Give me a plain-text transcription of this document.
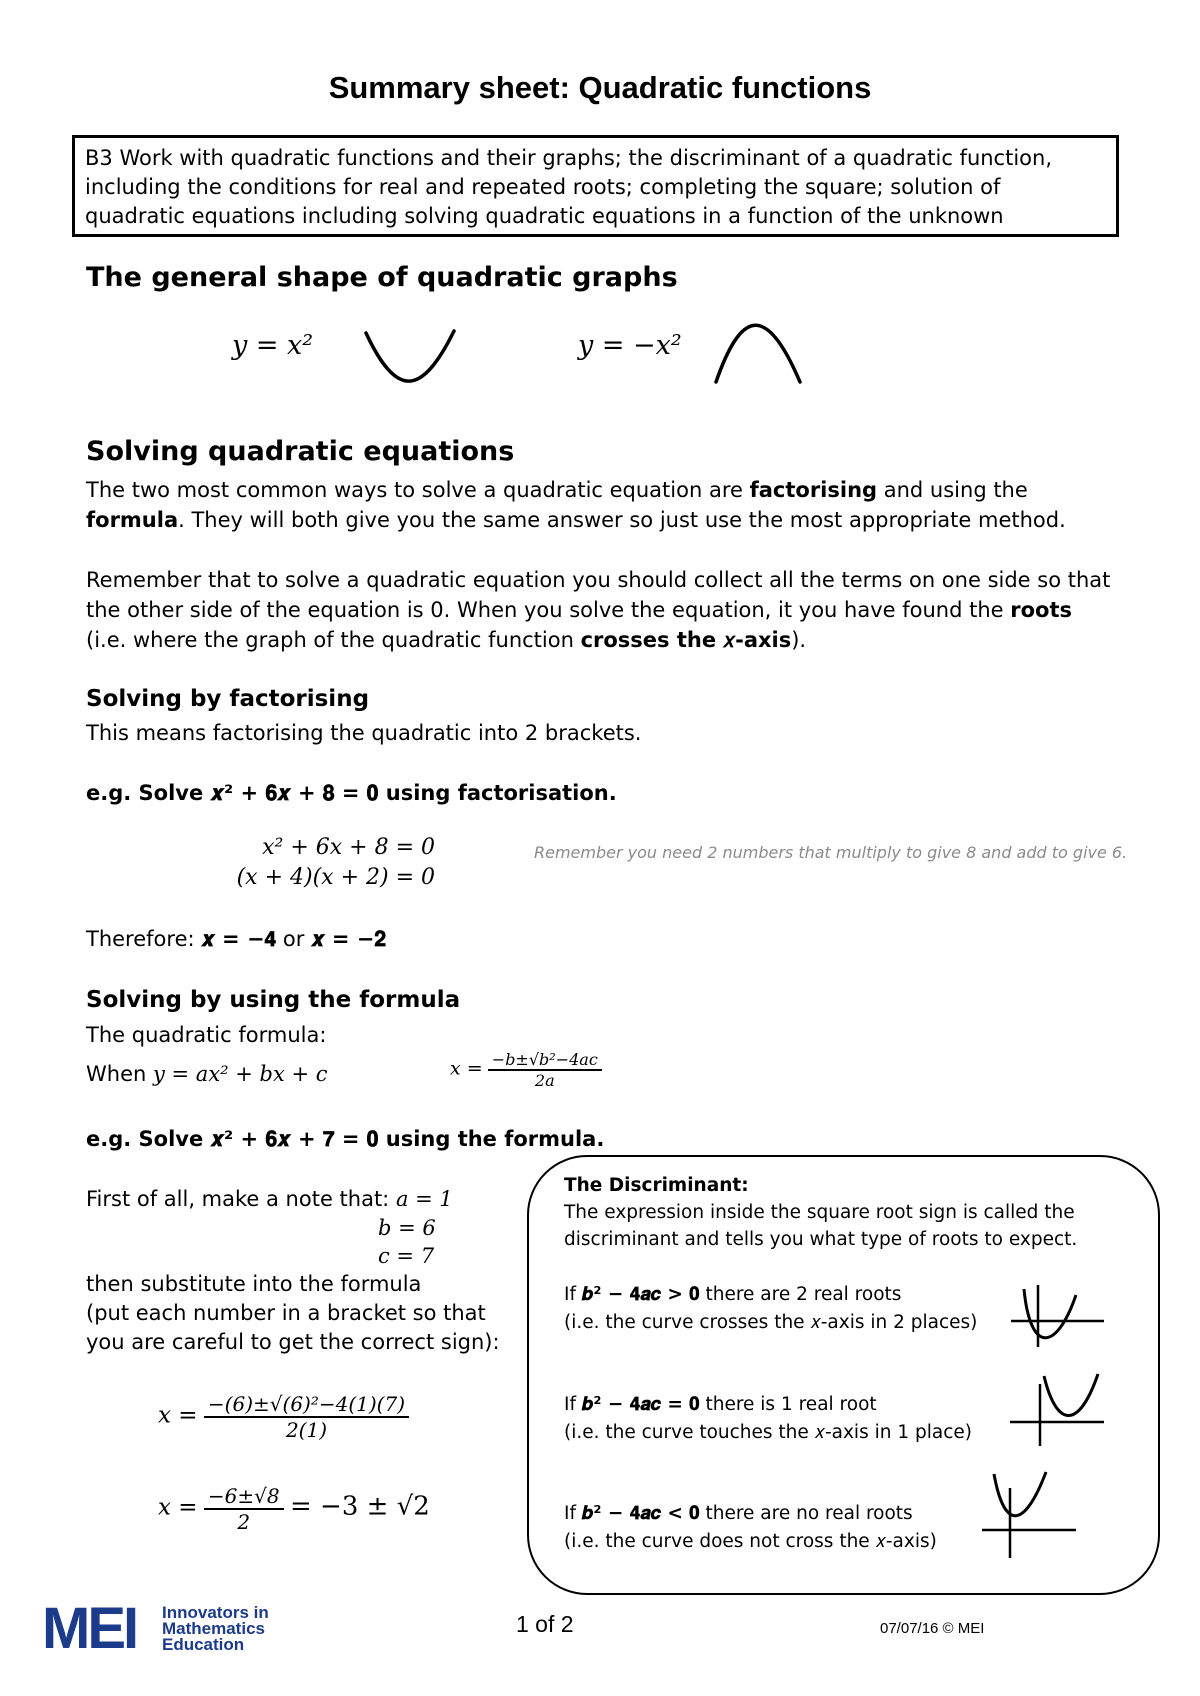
Summary sheet: Quadratic functions
B3 Work with quadratic functions and their graphs; the discriminant of a quadratic function, including the conditions for real and repeated roots; completing the square; solution of quadratic equations including solving quadratic equations in a function of the unknown
The general shape of quadratic graphs
y = x²	y = −x²
Solving quadratic equations
The two most common ways to solve a quadratic equation are factorising and using the formula. They will both give you the same answer so just use the most appropriate method.
Remember that to solve a quadratic equation you should collect all the terms on one side so that the other side of the equation is 0. When you solve the equation, it you have found the roots (i.e. where the graph of the quadratic function crosses the 𝑥-axis).
Solving by factorising
This means factorising the quadratic into 2 brackets.
e.g. Solve 𝒙² + 𝟔𝒙 + 𝟖 = 𝟎 using factorisation.
x² + 6x + 8 = 0
(x + 4)(x + 2) = 0
Remember you need 2 numbers that multiply to give 8 and add to give 6.
Therefore: 𝒙 = −𝟒 or 𝒙 = −𝟐
Solving by using the formula
The quadratic formula:
When y = ax² + bx + c	$x = \frac{\text{−b±√b²−4ac}}{2a}$
e.g. Solve 𝒙² + 𝟔𝒙 + 𝟕 = 𝟎 using the formula.
First of all, make a note that: a = 1
b = 6
c = 7
then substitute into the formula
(put each number in a bracket so that
you are careful to get the correct sign):
$x = \frac{\text{−(6)±√(6)²−4(1)(7)}}{2(1)}$
$x = \frac{-6\pm√8}{2} = -3 \pm √2$
The Discriminant:
The expression inside the square root sign is called the
discriminant and tells you what type of roots to expect.
If 𝒃² − 𝟒𝒂𝒄 > 𝟎 there are 2 real roots
(i.e. the curve crosses the 𝑥-axis in 2 places)
If 𝒃² − 𝟒𝒂𝒄 = 𝟎 there is 1 real root
(i.e. the curve touches the 𝑥-axis in 1 place)
If 𝒃² − 𝟒𝒂𝒄 < 𝟎 there are no real roots
(i.e. the curve does not cross the 𝑥-axis)
MEI Innovators in
Mathematics
Education
1 of 2	07/07/16 © MEI
